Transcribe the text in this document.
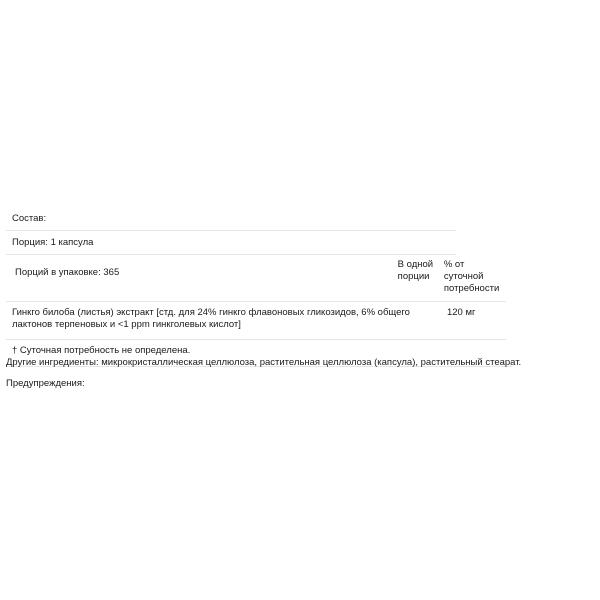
Состав:
Порция: 1 капсула
Порций в упаковке: 365
В одной порции
% от суточной потребности
Гинкго билоба (листья) экстракт [стд. для 24% гинкго флавоновых гликозидов, 6% общего лактонов терпеновых и <1 ppm гинкголевых кислот]
120 мг
† Суточная потребность не определена.
Другие ингредиенты: микрокристаллическая целлюлоза, растительная целлюлоза (капсула), растительный стеарат.
Предупреждения:
